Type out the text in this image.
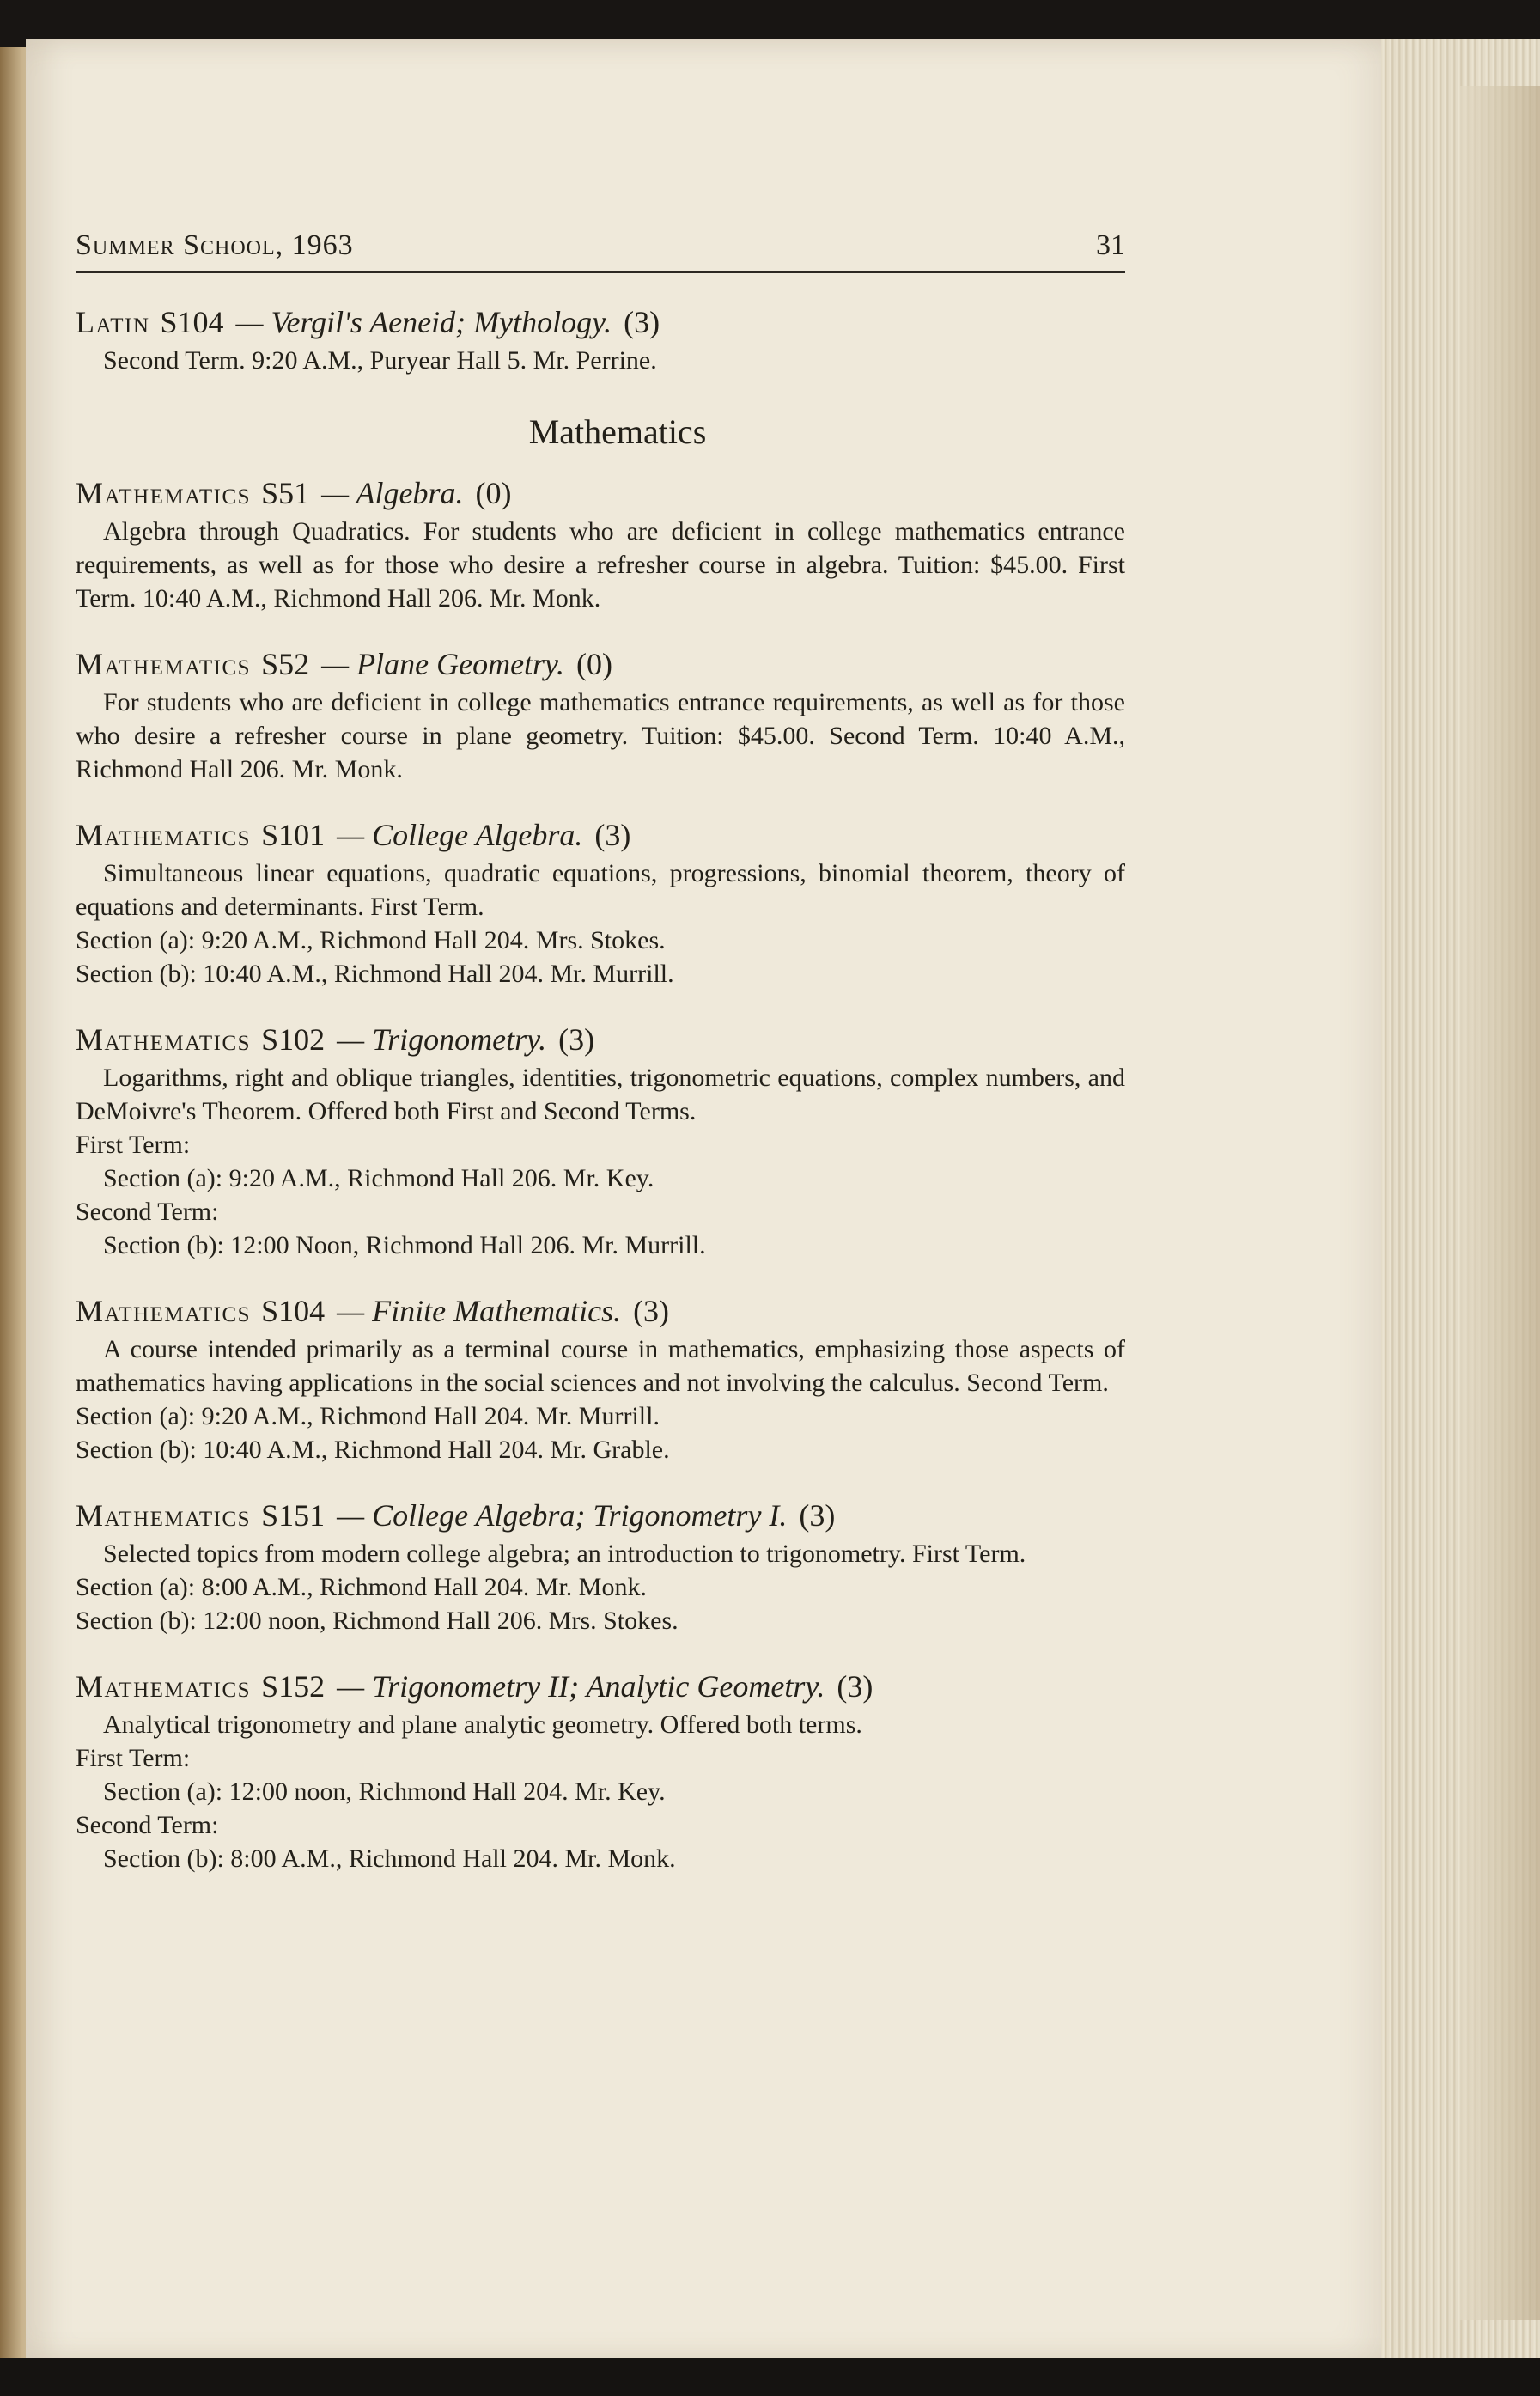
Summer School, 1963	31
Latin S104 — Vergil's Aeneid; Mythology. (3)
Second Term. 9:20 A.M., Puryear Hall 5. Mr. Perrine.
Mathematics
Mathematics S51 — Algebra. (0)
Algebra through Quadratics. For students who are deficient in college mathematics entrance requirements, as well as for those who desire a refresher course in algebra. Tuition: $45.00. First Term. 10:40 A.M., Richmond Hall 206. Mr. Monk.
Mathematics S52 — Plane Geometry. (0)
For students who are deficient in college mathematics entrance requirements, as well as for those who desire a refresher course in plane geometry. Tuition: $45.00. Second Term. 10:40 A.M., Richmond Hall 206. Mr. Monk.
Mathematics S101 — College Algebra. (3)
Simultaneous linear equations, quadratic equations, progressions, binomial theorem, theory of equations and determinants. First Term.
Section (a): 9:20 A.M., Richmond Hall 204. Mrs. Stokes.
Section (b): 10:40 A.M., Richmond Hall 204. Mr. Murrill.
Mathematics S102 — Trigonometry. (3)
Logarithms, right and oblique triangles, identities, trigonometric equations, complex numbers, and DeMoivre's Theorem. Offered both First and Second Terms.
First Term:
Section (a): 9:20 A.M., Richmond Hall 206. Mr. Key.
Second Term:
Section (b): 12:00 Noon, Richmond Hall 206. Mr. Murrill.
Mathematics S104 — Finite Mathematics. (3)
A course intended primarily as a terminal course in mathematics, emphasizing those aspects of mathematics having applications in the social sciences and not involving the calculus. Second Term.
Section (a): 9:20 A.M., Richmond Hall 204. Mr. Murrill.
Section (b): 10:40 A.M., Richmond Hall 204. Mr. Grable.
Mathematics S151 — College Algebra; Trigonometry I. (3)
Selected topics from modern college algebra; an introduction to trigonometry. First Term.
Section (a): 8:00 A.M., Richmond Hall 204. Mr. Monk.
Section (b): 12:00 noon, Richmond Hall 206. Mrs. Stokes.
Mathematics S152 — Trigonometry II; Analytic Geometry. (3)
Analytical trigonometry and plane analytic geometry. Offered both terms.
First Term:
Section (a): 12:00 noon, Richmond Hall 204. Mr. Key.
Second Term:
Section (b): 8:00 A.M., Richmond Hall 204. Mr. Monk.
